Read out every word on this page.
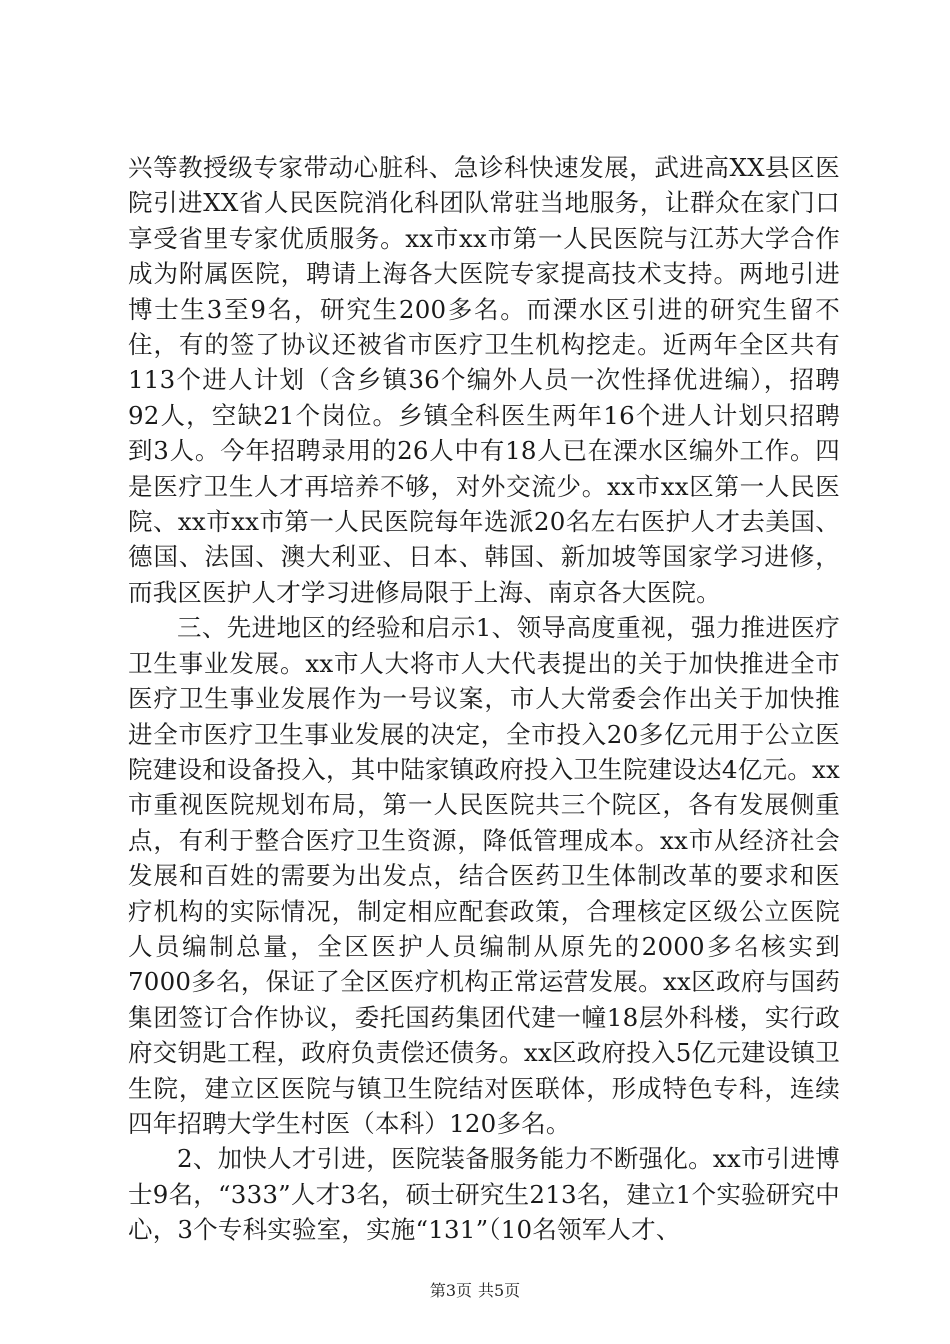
兴等教授级专家带动心脏科、急诊科快速发展，武进高XX县区医院引进XX省人民医院消化科团队常驻当地服务，让群众在家门口享受省里专家优质服务。xx市xx市第一人民医院与江苏大学合作成为附属医院，聘请上海各大医院专家提高技术支持。两地引进博士生3至9名，研究生200多名。而溧水区引进的研究生留不住，有的签了协议还被省市医疗卫生机构挖走。近两年全区共有113个进人计划（含乡镇36个编外人员一次性择优进编），招聘92人，空缺21个岗位。乡镇全科医生两年16个进人计划只招聘到3人。今年招聘录用的26人中有18人已在溧水区编外工作。四是医疗卫生人才再培养不够，对外交流少。xx市xx区第一人民医院、xx市xx市第一人民医院每年选派20名左右医护人才去美国、德国、法国、澳大利亚、日本、韩国、新加坡等国家学习进修，而我区医护人才学习进修局限于上海、南京各大医院。

三、先进地区的经验和启示1、领导高度重视，强力推进医疗卫生事业发展。xx市人大将市人大代表提出的关于加快推进全市医疗卫生事业发展作为一号议案，市人大常委会作出关于加快推进全市医疗卫生事业发展的决定，全市投入20多亿元用于公立医院建设和设备投入，其中陆家镇政府投入卫生院建设达4亿元。xx市重视医院规划布局，第一人民医院共三个院区，各有发展侧重点，有利于整合医疗卫生资源，降低管理成本。xx市从经济社会发展和百姓的需要为出发点，结合医药卫生体制改革的要求和医疗机构的实际情况，制定相应配套政策，合理核定区级公立医院人员编制总量，全区医护人员编制从原先的2000多名核实到7000多名，保证了全区医疗机构正常运营发展。xx区政府与国药集团签订合作协议，委托国药集团代建一幢18层外科楼，实行政府交钥匙工程，政府负责偿还债务。xx区政府投入5亿元建设镇卫生院，建立区医院与镇卫生院结对医联体，形成特色专科，连续四年招聘大学生村医（本科）120多名。

2、加快人才引进，医院装备服务能力不断强化。xx市引进博士9名，“333”人才3名，硕士研究生213名，建立1个实验研究中心，3个专科实验室，实施“131”（10名领军人才、

第3页 共5页
